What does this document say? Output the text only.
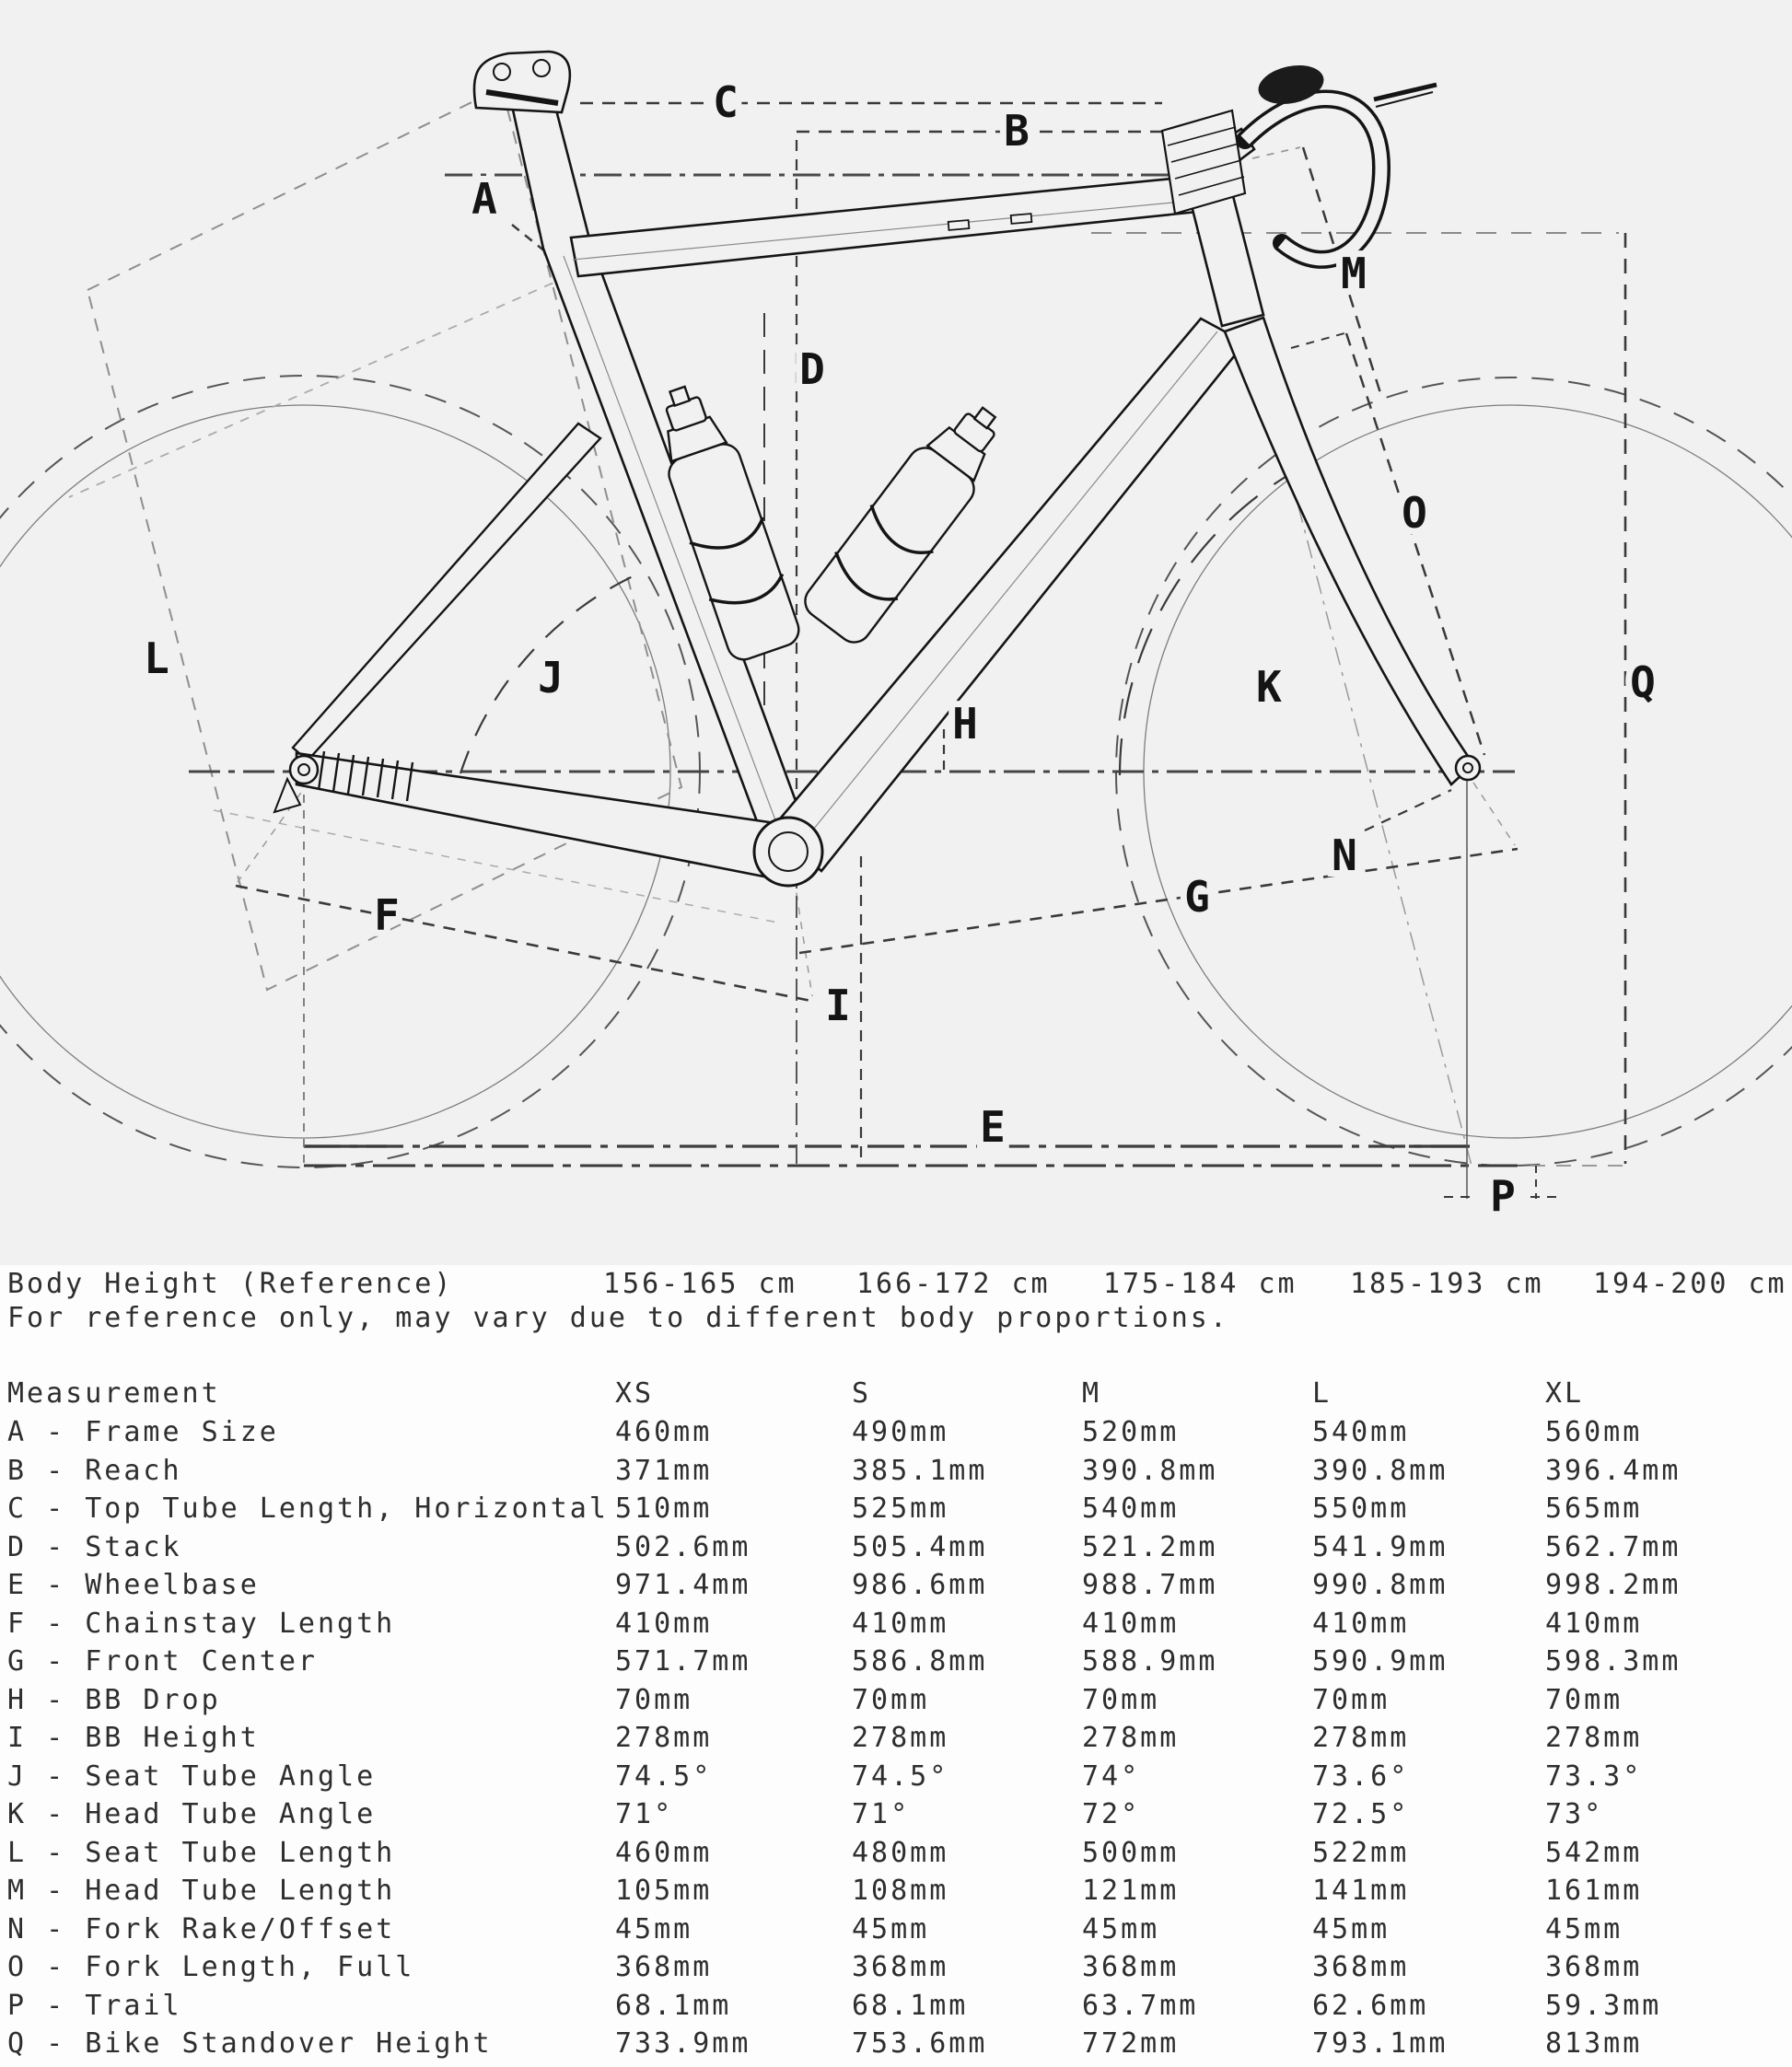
A
B
C
D
E
F	G
H
I
J	K
L
M
N
O
P
Q
Body Height (Reference)	156-165 cm 166-172 cm 175-184 cm 185-193 cm 194-200 cm
For reference only, may vary due to different body proportions.
Measurement	XS	S	M	L	XL
A - Frame Size	460mm	490mm	520mm	540mm	560mm
B - Reach	371mm	385.1mm	390.8mm	390.8mm	396.4mm
C - Top Tube Length, Horizontal 510mm	525mm	540mm	550mm	565mm
D - Stack	502.6mm	505.4mm	521.2mm	541.9mm	562.7mm
E - Wheelbase	971.4mm	986.6mm	988.7mm	990.8mm	998.2mm
F - Chainstay Length	410mm	410mm	410mm	410mm	410mm
G - Front Center	571.7mm	586.8mm	588.9mm	590.9mm	598.3mm
H - BB Drop	70mm	70mm	70mm	70mm	70mm
I - BB Height	278mm	278mm	278mm	278mm	278mm
J - Seat Tube Angle	74.5°	74.5°	74°	73.6°	73.3°
K - Head Tube Angle	71°	71°	72°	72.5°	73°
L - Seat Tube Length	460mm	480mm	500mm	522mm	542mm
M - Head Tube Length	105mm	108mm	121mm	141mm	161mm
N - Fork Rake/Offset	45mm	45mm	45mm	45mm	45mm
O - Fork Length, Full	368mm	368mm	368mm	368mm	368mm
P - Trail	68.1mm	68.1mm	63.7mm	62.6mm	59.3mm
Q - Bike Standover Height	733.9mm	753.6mm	772mm	793.1mm	813mm
